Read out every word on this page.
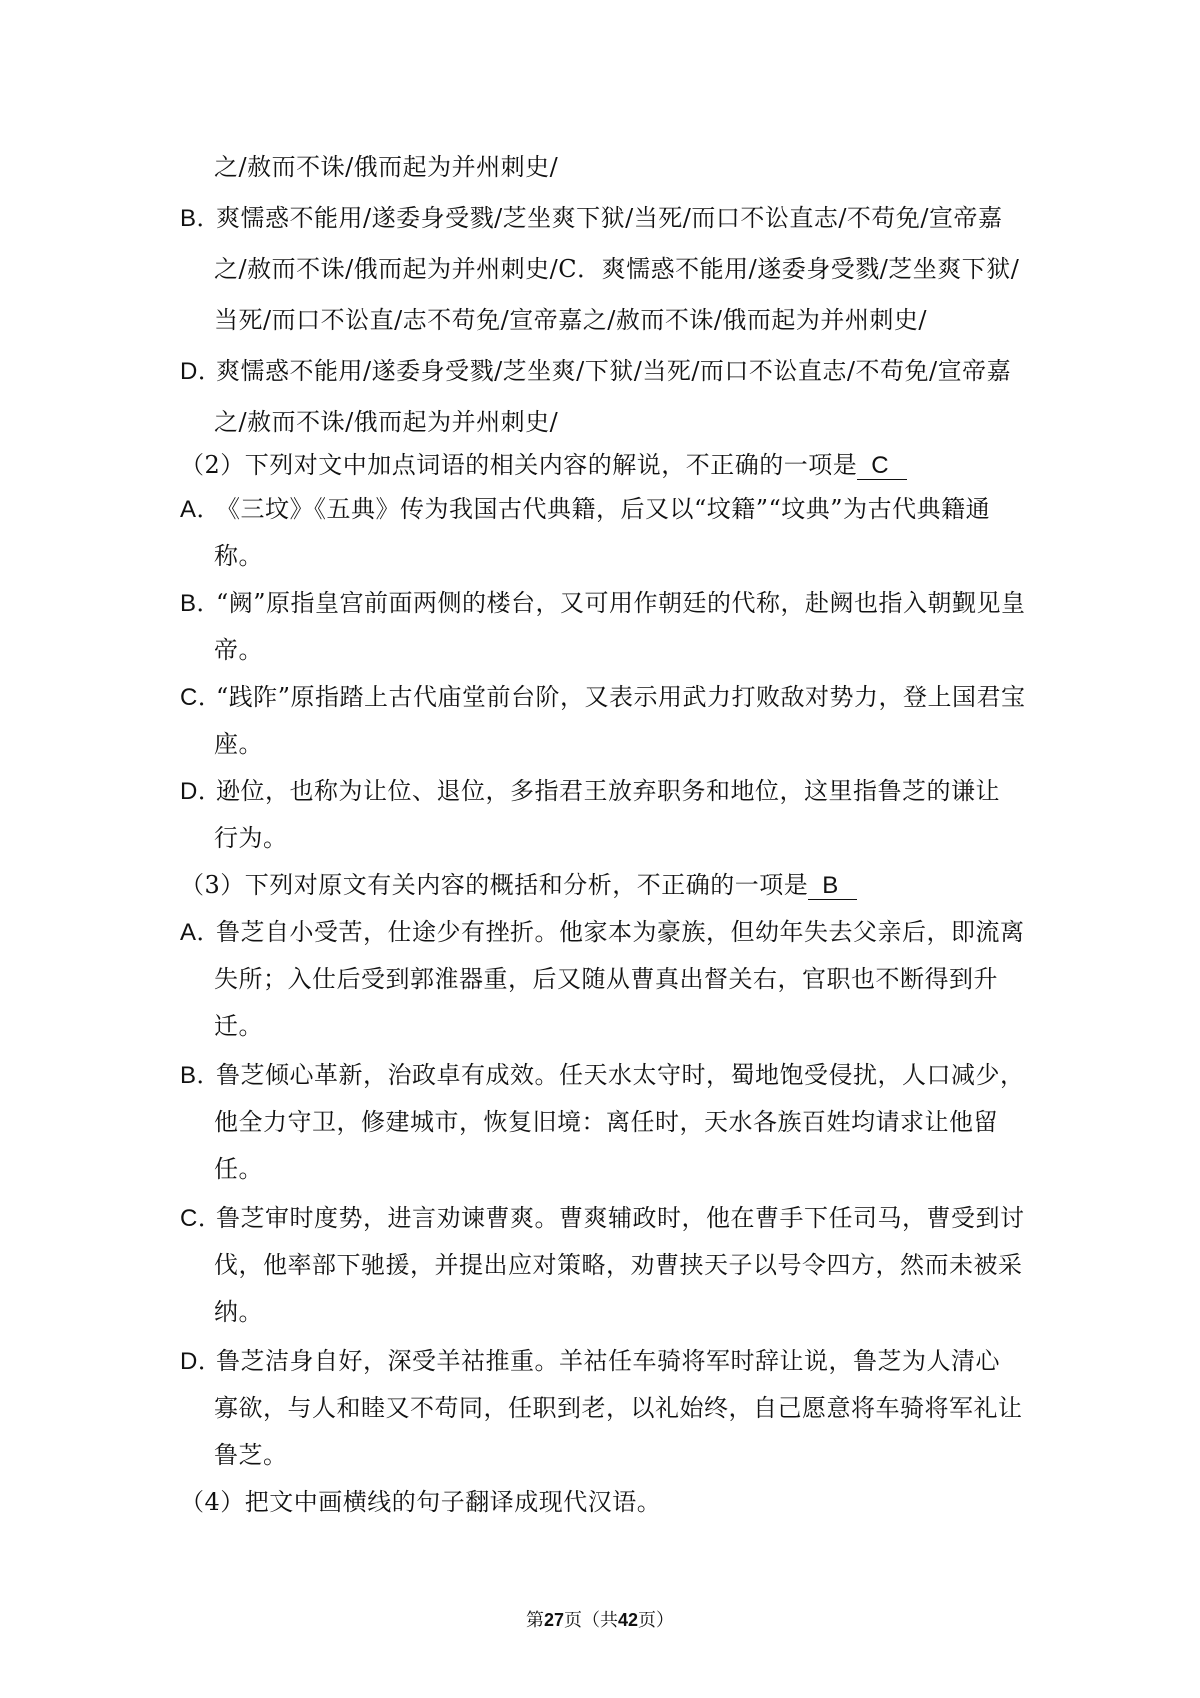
之/赦而不诛/俄而起为并州刺史/
B．爽懦惑不能用/遂委身受戮/芝坐爽下狱/当死/而口不讼直志/不苟免/宣帝嘉
之/赦而不诛/俄而起为并州刺史/C．爽懦惑不能用/遂委身受戮/芝坐爽下狱/
当死/而口不讼直/志不苟免/宣帝嘉之/赦而不诛/俄而起为并州刺史/
D．爽懦惑不能用/遂委身受戮/芝坐爽/下狱/当死/而口不讼直志/不苟免/宣帝嘉
之/赦而不诛/俄而起为并州刺史/
（2）下列对文中加点词语的相关内容的解说，不正确的一项是 C
A．《三坟》《五典》传为我国古代典籍，后又以“坟籍”“坟典”为古代典籍通
称。
B．“阙”原指皇宫前面两侧的楼台，又可用作朝廷的代称，赴阙也指入朝觐见皇
帝。
C．“践阼”原指踏上古代庙堂前台阶，又表示用武力打败敌对势力，登上国君宝
座。
D．逊位，也称为让位、退位，多指君王放弃职务和地位，这里指鲁芝的谦让
行为。
（3）下列对原文有关内容的概括和分析，不正确的一项是 B
A．鲁芝自小受苦，仕途少有挫折。他家本为豪族，但幼年失去父亲后，即流离
失所；入仕后受到郭淮器重，后又随从曹真出督关右，官职也不断得到升
迁。
B．鲁芝倾心革新，治政卓有成效。任天水太守时，蜀地饱受侵扰，人口减少，
他全力守卫，修建城市，恢复旧境：离任时，天水各族百姓均请求让他留
任。
C．鲁芝审时度势，进言劝谏曹爽。曹爽辅政时，他在曹手下任司马，曹受到讨
伐，他率部下驰援，并提出应对策略，劝曹挟天子以号令四方，然而未被采
纳。
D．鲁芝洁身自好，深受羊祜推重。羊祜任车骑将军时辞让说，鲁芝为人清心
寡欲，与人和睦又不苟同，任职到老，以礼始终，自己愿意将车骑将军礼让
鲁芝。
（4）把文中画横线的句子翻译成现代汉语。
第27页（共42页）
